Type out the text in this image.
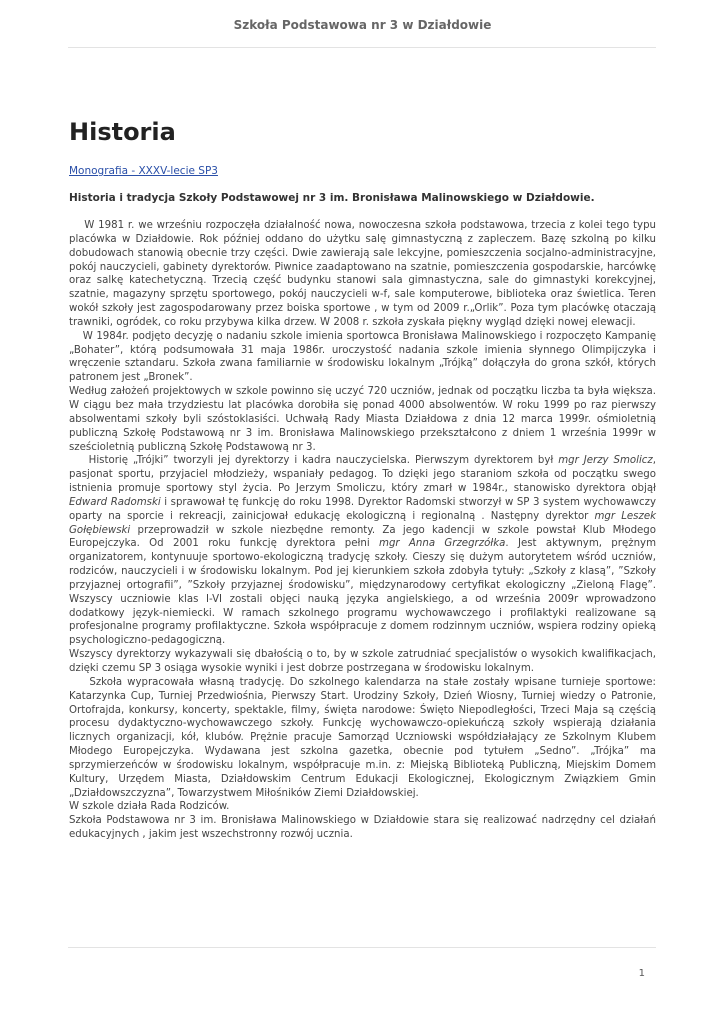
Szkoła Podstawowa nr 3 w Działdowie
Historia
Monografia - XXXV-lecie SP3
Historia i tradycja Szkoły Podstawowej nr 3 im. Bronisława Malinowskiego w Działdowie.

W 1981 r. we wrześniu rozpoczęła działalność nowa, nowoczesna szkoła podstawowa, trzecia z kolei tego typu placówka w Działdowie. Rok później oddano do użytku salę gimnastyczną z zapleczem. Bazę szkolną po kilku dobudowach stanowią obecnie trzy części. Dwie zawierają sale lekcyjne, pomieszczenia socjalno-administracyjne, pokój nauczycieli, gabinety dyrektorów. Piwnice zaadaptowano na szatnie, pomieszczenia gospodarskie, harcówkę oraz salkę katechetyczną. Trzecią część budynku stanowi sala gimnastyczna, sale do gimnastyki korekcyjnej, szatnie, magazyny sprzętu sportowego, pokój nauczycieli w-f, sale komputerowe, biblioteka oraz świetlica. Teren wokół szkoły jest zagospodarowany przez boiska sportowe , w tym od 2009 r.„Orlik”. Poza tym placówkę otaczają trawniki, ogródek, co roku przybywa kilka drzew. W 2008 r. szkoła zyskała piękny wygląd dzięki nowej elewacji.

W 1984r. podjęto decyzję o nadaniu szkole imienia sportowca Bronisława Malinowskiego i rozpoczęto Kampanię „Bohater”, którą podsumowała 31 maja 1986r. uroczystość nadania szkole imienia słynnego Olimpijczyka i wręczenie sztandaru. Szkoła zwana familiarnie w środowisku lokalnym „Trójką” dołączyła do grona szkół, których patronem jest „Bronek”.

Według założeń projektowych w szkole powinno się uczyć 720 uczniów, jednak od początku liczba ta była większa. W ciągu bez mała trzydziestu lat placówka dorobiła się ponad 4000 absolwentów. W roku 1999 po raz pierwszy absolwentami szkoły byli szóstoklasiści. Uchwałą Rady Miasta Działdowa z dnia 12 marca 1999r. ośmioletnią publiczną Szkołę Podstawową nr 3 im. Bronisława Malinowskiego przekształcono z dniem 1 września 1999r w sześcioletnią publiczną Szkołę Podstawową nr 3.

Historię „Trójki” tworzyli jej dyrektorzy i kadra nauczycielska. Pierwszym dyrektorem był mgr Jerzy Smolicz, pasjonat sportu, przyjaciel młodzieży, wspaniały pedagog. To dzięki jego staraniom szkoła od początku swego istnienia promuje sportowy styl życia. Po Jerzym Smoliczu, który zmarł w 1984r., stanowisko dyrektora objął Edward Radomski i sprawował tę funkcję do roku 1998. Dyrektor Radomski stworzył w SP 3 system wychowawczy oparty na sporcie i rekreacji, zainicjował edukację ekologiczną i regionalną . Następny dyrektor mgr Leszek Gołębiewski przeprowadził w szkole niezbędne remonty. Za jego kadencji w szkole powstał Klub Młodego Europejczyka. Od 2001 roku funkcję dyrektora pełni mgr Anna Grzegrzółka. Jest aktywnym, prężnym organizatorem, kontynuuje sportowo-ekologiczną tradycję szkoły. Cieszy się dużym autorytetem wśród uczniów, rodziców, nauczycieli i w środowisku lokalnym. Pod jej kierunkiem szkoła zdobyła tytuły: „Szkoły z klasą”, ”Szkoły przyjaznej ortografii”, ”Szkoły przyjaznej środowisku”, międzynarodowy certyfikat ekologiczny „Zieloną Flagę”. Wszyscy uczniowie klas I-VI zostali objęci nauką języka angielskiego, a od września 2009r wprowadzono dodatkowy język-niemiecki. W ramach szkolnego programu wychowawczego i profilaktyki realizowane są profesjonalne programy profilaktyczne. Szkoła współpracuje z domem rodzinnym uczniów, wspiera rodziny opieką psychologiczno-pedagogiczną.

Wszyscy dyrektorzy wykazywali się dbałością o to, by w szkole zatrudniać specjalistów o wysokich kwalifikacjach, dzięki czemu SP 3 osiąga wysokie wyniki i jest dobrze postrzegana w środowisku lokalnym.

Szkoła wypracowała własną tradycję. Do szkolnego kalendarza na stałe zostały wpisane turnieje sportowe: Katarzynka Cup, Turniej Przedwiośnia, Pierwszy Start. Urodziny Szkoły, Dzień Wiosny, Turniej wiedzy o Patronie, Ortofrajda, konkursy, koncerty, spektakle, filmy, święta narodowe: Święto Niepodległości, Trzeci Maja są częścią procesu dydaktyczno-wychowawczego szkoły. Funkcję wychowawczo-opiekuńczą szkoły wspierają działania licznych organizacji, kół, klubów. Prężnie pracuje Samorząd Uczniowski współdziałający ze Szkolnym Klubem Młodego Europejczyka. Wydawana jest szkolna gazetka, obecnie pod tytułem „Sedno”. „Trójka” ma sprzymierzeńców w środowisku lokalnym, współpracuje m.in. z: Miejską Biblioteką Publiczną, Miejskim Domem Kultury, Urzędem Miasta, Działdowskim Centrum Edukacji Ekologicznej, Ekologicznym Związkiem Gmin „Działdowszczyzna”, Towarzystwem Miłośników Ziemi Działdowskiej.

W szkole działa Rada Rodziców.

Szkoła Podstawowa nr 3 im. Bronisława Malinowskiego w Działdowie stara się realizować nadrzędny cel działań edukacyjnych , jakim jest wszechstronny rozwój ucznia.

1
